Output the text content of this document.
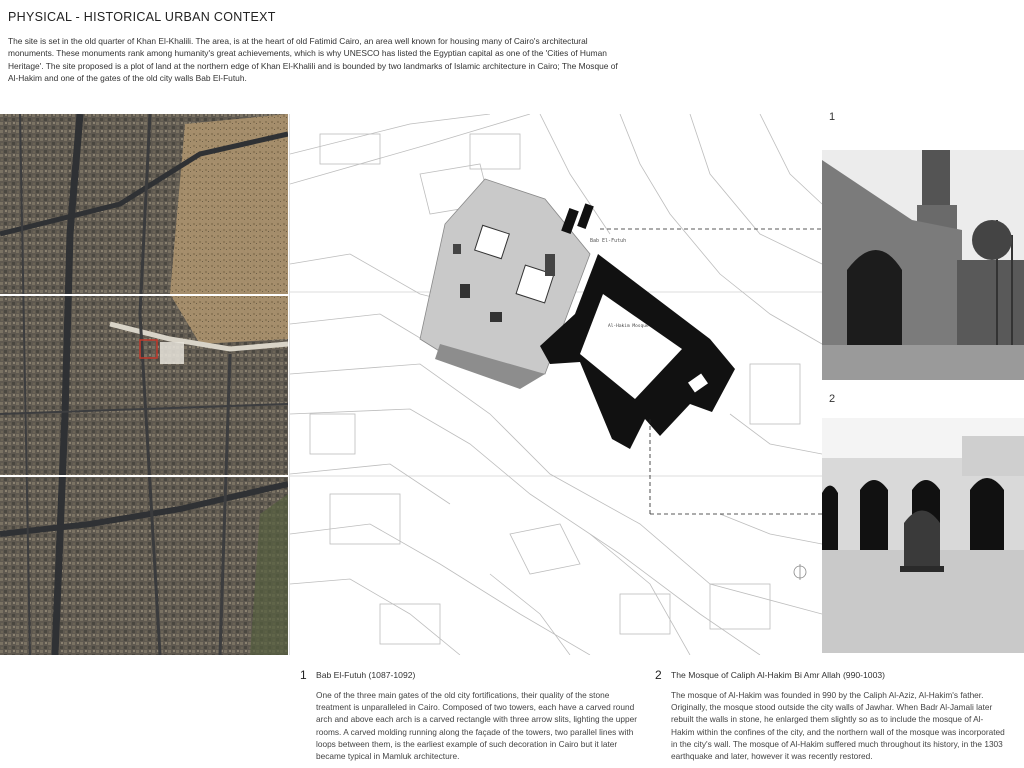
PHYSICAL - HISTORICAL URBAN CONTEXT
The site is set in the old quarter of Khan El-Khalili. The area, is at the heart of old Fatimid Cairo, an area well known for housing many of Cairo's architectural monuments. These monuments rank among humanity's great achievements, which is why UNESCO has listed the Egyptian capital as one of the 'Cities of Human Heritage'. The site proposed is a plot of land at the northern edge of Khan El-Khalili and is bounded by two landmarks of Islamic architecture in Cairo; The Mosque of Al-Hakim and one of the gates of the old city walls Bab El-Futuh.
Bab El-Futuh
Al-Hakim Mosque
1
2
1 Bab El-Futuh (1087-1092)
One of the three main gates of the old city fortifications, their quality of the stone treatment is unparalleled in Cairo. Composed of two towers, each have a carved round arch and above each arch is a carved rectangle with three arrow slits, lighting the upper rooms. A carved molding running along the façade of the towers, two parallel lines with loops between them, is the earliest example of such decoration in Cairo but it later became typical in Mamluk architecture.
2 The Mosque of Caliph Al-Hakim Bi Amr Allah (990-1003)
The mosque of Al-Hakim was founded in 990 by the Caliph Al-Aziz, Al-Hakim's father. Originally, the mosque stood outside the city walls of Jawhar. When Badr Al-Jamali later rebuilt the walls in stone, he enlarged them slightly so as to include the mosque of Al-Hakim within the confines of the city, and the northern wall of the mosque was incorporated in the city's wall. The mosque of Al-Hakim suffered much throughout its history, in the 1303 earthquake and later, however it was recently restored.
